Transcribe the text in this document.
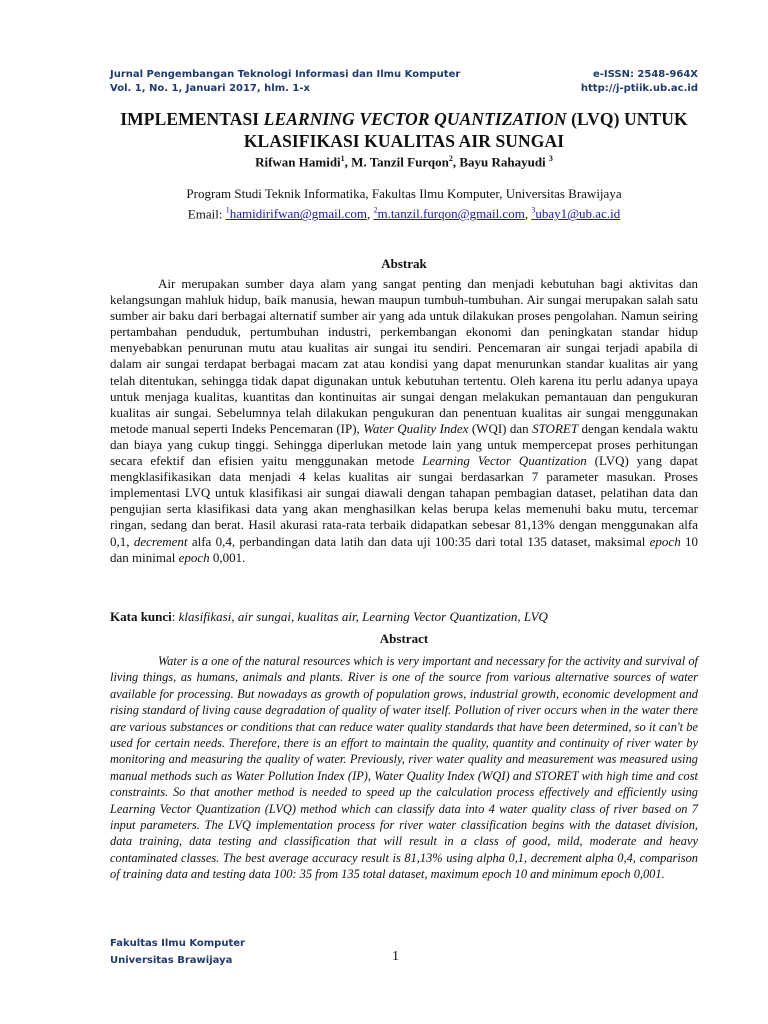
Jurnal Pengembangan Teknologi Informasi dan Ilmu Komputer
Vol. 1, No. 1, Januari 2017, hlm. 1-x
e-ISSN: 2548-964X
http://j-ptiik.ub.ac.id
IMPLEMENTASI LEARNING VECTOR QUANTIZATION (LVQ) UNTUK
KLASIFIKASI KUALITAS AIR SUNGAI
Rifwan Hamidi$^1$, M. Tanzil Furqon$^2$, Bayu Rahayudi $^3$
Program Studi Teknik Informatika, Fakultas Ilmu Komputer, Universitas Brawijaya
Email: $^1$hamidirifwan@gmail.com, $^2$m.tanzil.furqon@gmail.com, $^3$ubay1@ub.ac.id
Abstrak
Air merupakan sumber daya alam yang sangat penting dan menjadi kebutuhan bagi aktivitas dan kelangsungan mahluk hidup, baik manusia, hewan maupun tumbuh-tumbuhan. Air sungai merupakan salah satu sumber air baku dari berbagai alternatif sumber air yang ada untuk dilakukan proses pengolahan. Namun seiring pertambahan penduduk, pertumbuhan industri, perkembangan ekonomi dan peningkatan standar hidup menyebabkan penurunan mutu atau kualitas air sungai itu sendiri. Pencemaran air sungai terjadi apabila di dalam air sungai terdapat berbagai macam zat atau kondisi yang dapat menurunkan standar kualitas air yang telah ditentukan, sehingga tidak dapat digunakan untuk kebutuhan tertentu. Oleh karena itu perlu adanya upaya untuk menjaga kualitas, kuantitas dan kontinuitas air sungai dengan melakukan pemantauan dan pengukuran kualitas air sungai. Sebelumnya telah dilakukan pengukuran dan penentuan kualitas air sungai menggunakan metode manual seperti Indeks Pencemaran (IP), Water Quality Index (WQI) dan STORET dengan kendala waktu dan biaya yang cukup tinggi. Sehingga diperlukan metode lain yang untuk mempercepat proses perhitungan secara efektif dan efisien yaitu menggunakan metode Learning Vector Quantization (LVQ) yang dapat mengklasifikasikan data menjadi 4 kelas kualitas air sungai berdasarkan 7 parameter masukan. Proses implementasi LVQ untuk klasifikasi air sungai diawali dengan tahapan pembagian dataset, pelatihan data dan pengujian serta klasifikasi data yang akan menghasilkan kelas berupa kelas memenuhi baku mutu, tercemar ringan, sedang dan berat. Hasil akurasi rata-rata terbaik didapatkan sebesar 81,13% dengan menggunakan alfa 0,1, decrement alfa 0,4, perbandingan data latih dan data uji 100:35 dari total 135 dataset, maksimal epoch 10 dan minimal epoch 0,001.
Kata kunci: klasifikasi, air sungai, kualitas air, Learning Vector Quantization, LVQ
Abstract
Water is a one of the natural resources which is very important and necessary for the activity and survival of living things, as humans, animals and plants. River is one of the source from various alternative sources of water available for processing. But nowadays as growth of population grows, industrial growth, economic development and rising standard of living cause degradation of quality of water itself. Pollution of river occurs when in the water there are various substances or conditions that can reduce water quality standards that have been determined, so it can't be used for certain needs. Therefore, there is an effort to maintain the quality, quantity and continuity of river water by monitoring and measuring the quality of water. Previously, river water quality and measurement was measured using manual methods such as Water Pollution Index (IP), Water Quality Index (WQI) and STORET with high time and cost constraints. So that another method is needed to speed up the calculation process effectively and efficiently using Learning Vector Quantization (LVQ) method which can classify data into 4 water quality class of river based on 7 input parameters. The LVQ implementation process for river water classification begins with the dataset division, data training, data testing and classification that will result in a class of good, mild, moderate and heavy contaminated classes. The best average accuracy result is 81,13% using alpha 0,1, decrement alpha 0,4, comparison of training data and testing data 100: 35 from 135 total dataset, maximum epoch 10 and minimum epoch 0,001.
Fakultas Ilmu Komputer
Universitas Brawijaya	1
